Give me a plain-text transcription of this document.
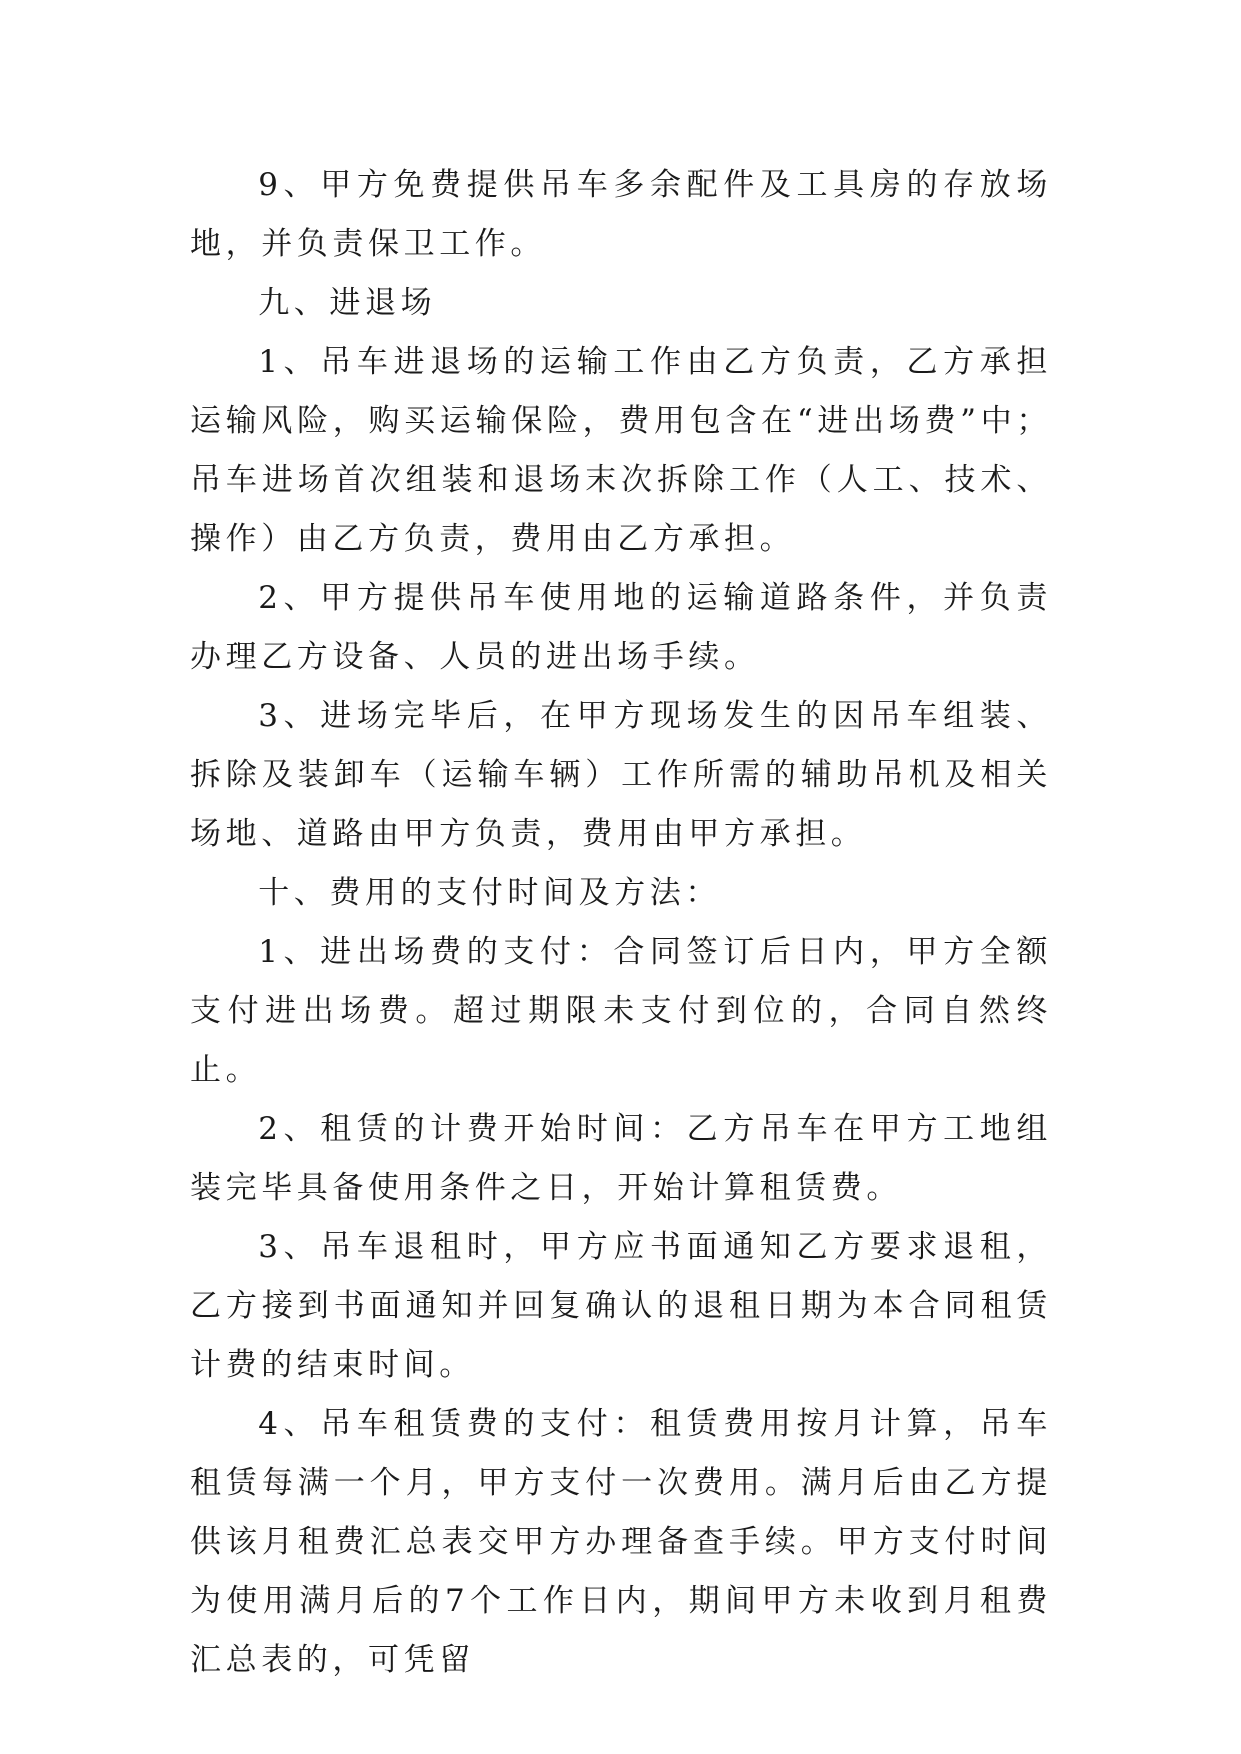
9、甲方免费提供吊车多余配件及工具房的存放场地，并负责保卫工作。

九、进退场

1、吊车进退场的运输工作由乙方负责，乙方承担运输风险，购买运输保险，费用包含在“进出场费”中；吊车进场首次组装和退场末次拆除工作（人工、技术、操作）由乙方负责，费用由乙方承担。

2、甲方提供吊车使用地的运输道路条件，并负责办理乙方设备、人员的进出场手续。

3、进场完毕后，在甲方现场发生的因吊车组装、拆除及装卸车（运输车辆）工作所需的辅助吊机及相关场地、道路由甲方负责，费用由甲方承担。

十、费用的支付时间及方法：

1、进出场费的支付：合同签订后日内，甲方全额支付进出场费。超过期限未支付到位的，合同自然终止。

2、租赁的计费开始时间：乙方吊车在甲方工地组装完毕具备使用条件之日，开始计算租赁费。

3、吊车退租时，甲方应书面通知乙方要求退租，乙方接到书面通知并回复确认的退租日期为本合同租赁计费的结束时间。

4、吊车租赁费的支付：租赁费用按月计算，吊车租赁每满一个月，甲方支付一次费用。满月后由乙方提供该月租费汇总表交甲方办理备查手续。甲方支付时间为使用满月后的7个工作日内，期间甲方未收到月租费汇总表的，可凭留
